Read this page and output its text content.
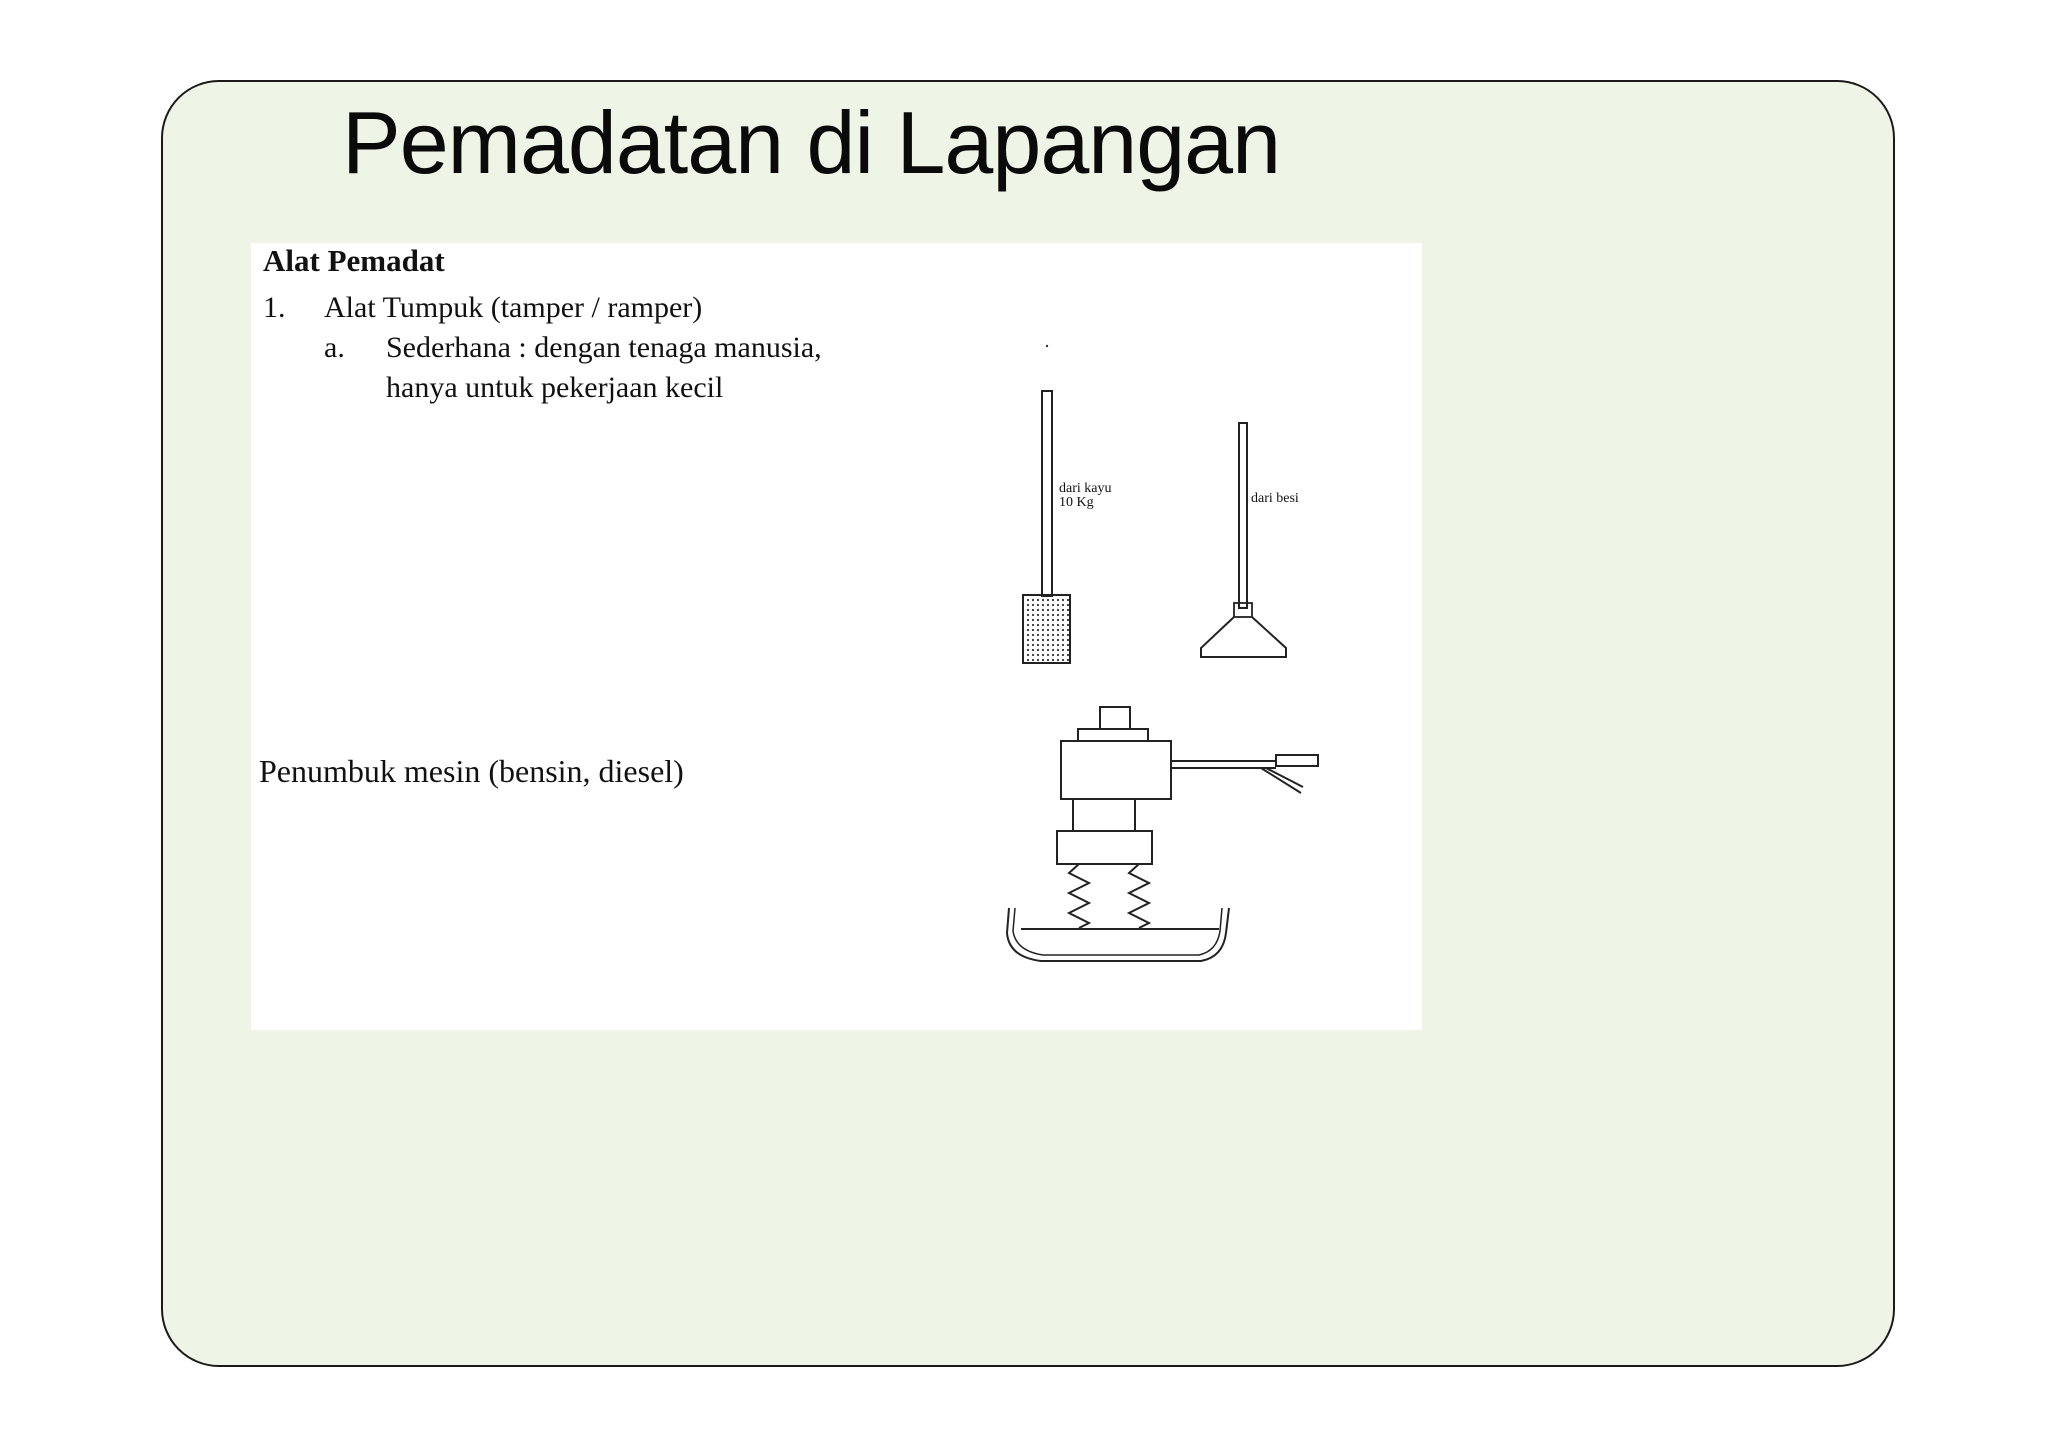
Pemadatan di Lapangan
Alat Pemadat
1. Alat Tumpuk (tamper / ramper)
a. Sederhana : dengan tenaga manusia,
hanya untuk pekerjaan kecil
Penumbuk mesin (bensin, diesel)
dari kayu
10 Kg	dari besi
